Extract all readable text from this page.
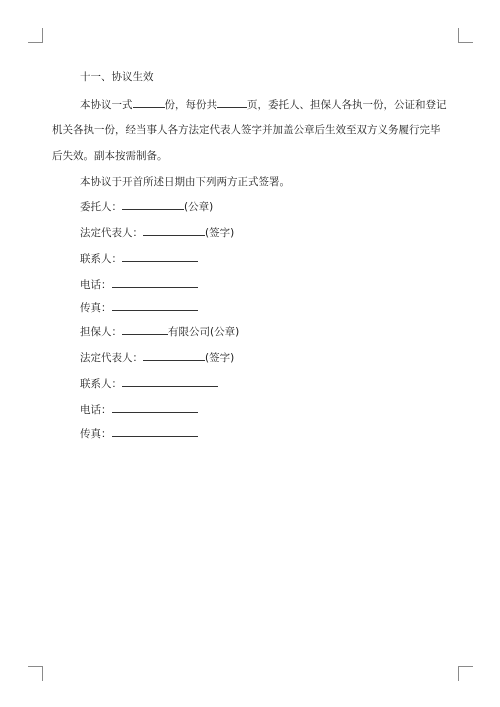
十一、协议生效
本协议一式	份，每份共	页，委托人、担保人各执一份，公证和登记
机关各执一份，经当事人各方法定代表人签字并加盖公章后生效至双方义务履行完毕
后失效。副本按需制备。
本协议于开首所述日期由下列两方正式签署。
委托人：	(公章)
法定代表人：	(签字)
联系人：
电话：
传真：
担保人：	有限公司(公章)
法定代表人：	(签字)
联系人：
电话：
传真：
